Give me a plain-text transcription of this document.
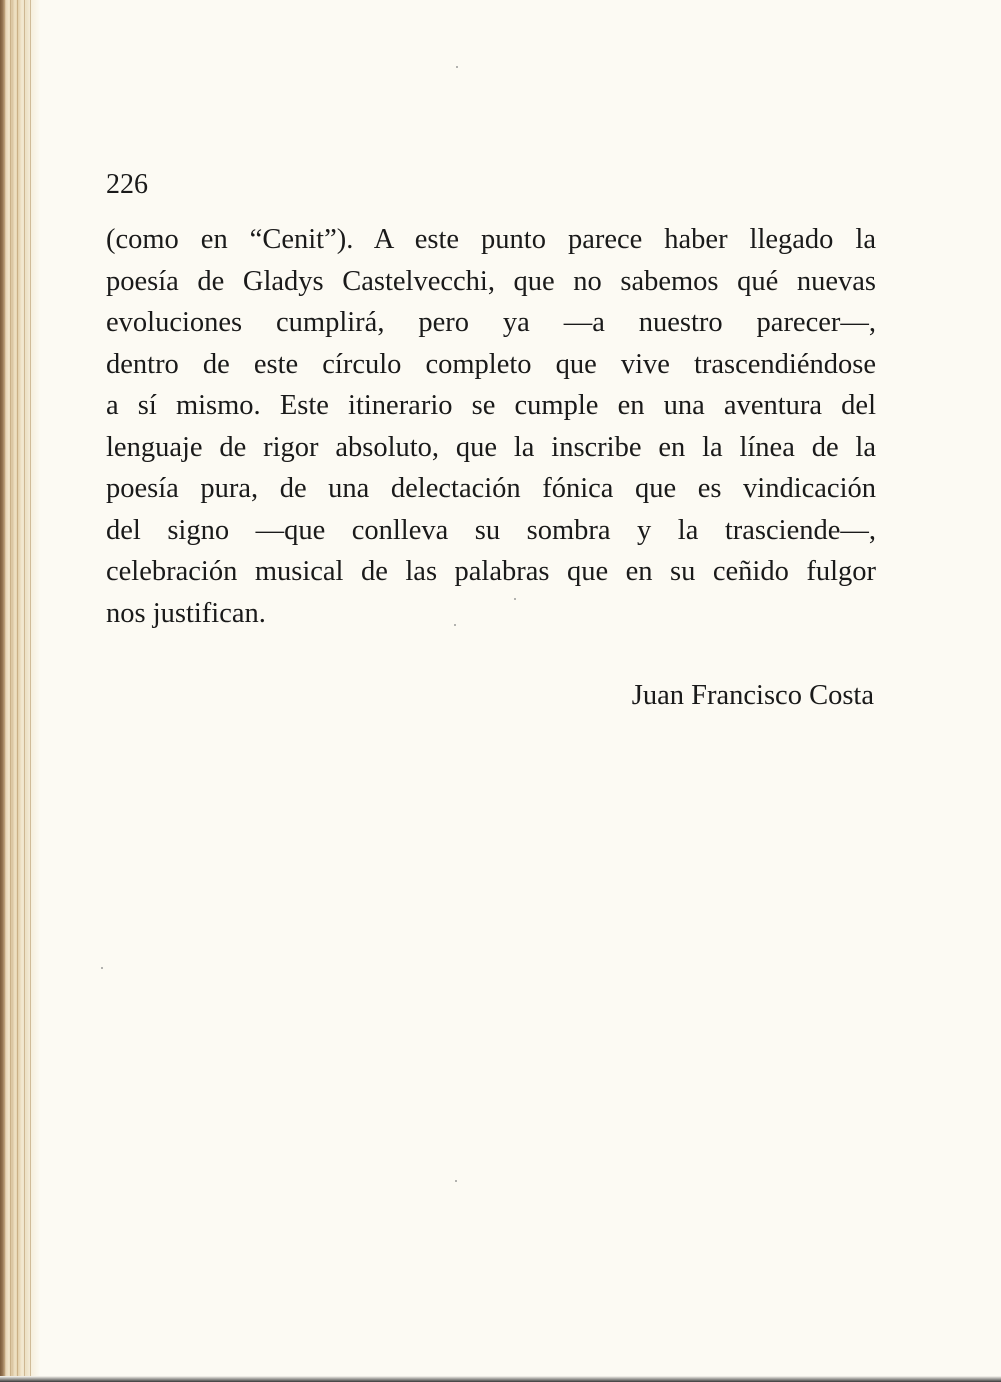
226

(como en “Cenit”). A este punto parece haber llegado la
poesía de Gladys Castelvecchi, que no sabemos qué nuevas
evoluciones cumplirá, pero ya —a nuestro parecer—,
dentro de este círculo completo que vive trascendiéndose
a sí mismo. Este itinerario se cumple en una aventura del
lenguaje de rigor absoluto, que la inscribe en la línea de la
poesía pura, de una delectación fónica que es vindicación
del signo —que conlleva su sombra y la trasciende—,
celebración musical de las palabras que en su ceñido fulgor
nos justifican.

Juan Francisco Costa
